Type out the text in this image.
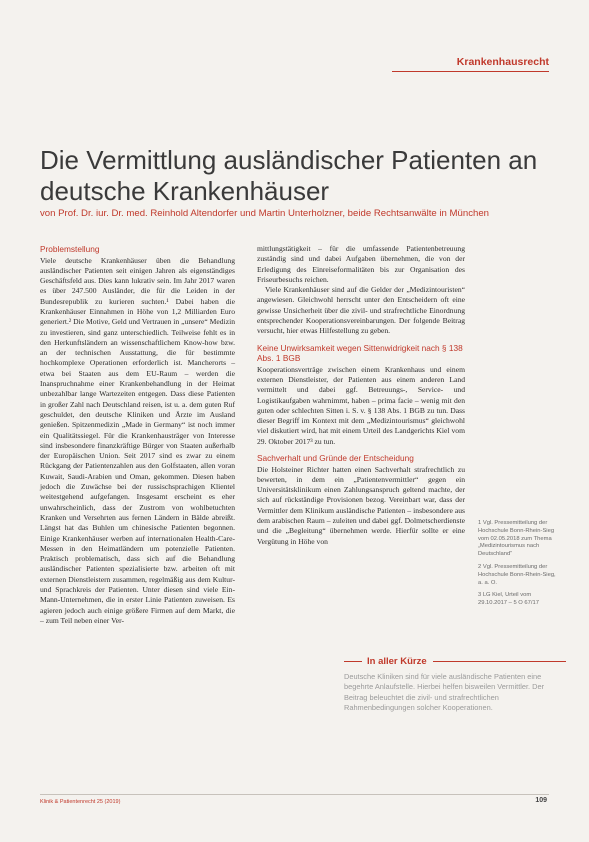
Krankenhausrecht
Die Vermittlung ausländischer Patienten an deutsche Krankenhäuser
von Prof. Dr. iur. Dr. med. Reinhold Altendorfer und Martin Unterholzner, beide Rechtsanwälte in München
Problemstellung

Viele deutsche Krankenhäuser üben die Behandlung ausländischer Patienten seit einigen Jahren als eigenständiges Geschäftsfeld aus. Dies kann lukrativ sein. Im Jahr 2017 waren es über 247.500 Ausländer, die für die Leiden in der Bundesrepublik zu kurieren suchten.¹ Dabei haben die Krankenhäuser Einnahmen in Höhe von 1,2 Milliarden Euro generiert.² Die Motive, Geld und Vertrauen in „unsere“ Medizin zu investieren, sind ganz unterschiedlich. Teilweise fehlt es in den Herkunftsländern an wissenschaftlichem Know-how bzw. an der technischen Ausstattung, die für bestimmte hochkomplexe Operationen erforderlich ist. Mancherorts – etwa bei Staaten aus dem EU-Raum – werden die Inanspruchnahme einer Krankenbehandlung in der Heimat unbezahlbar lange Wartezeiten entgegen. Dass diese Patienten in großer Zahl nach Deutschland reisen, ist u. a. dem guten Ruf geschuldet, den deutsche Kliniken und Ärzte im Ausland genießen. Spitzenmedizin „Made in Germany“ ist noch immer ein Qualitätssiegel. Für die Krankenhausträger von Interesse sind insbesondere finanzkräftige Bürger von Staaten außerhalb der Europäischen Union. Seit 2017 sind es zwar zu einem Rückgang der Patientenzahlen aus den Golfstaaten, allen voran Kuwait, Saudi-Arabien und Oman, gekommen. Diesen haben jedoch die Zuwächse bei der russischsprachigen Klientel weitestgehend aufgefangen. Insgesamt erscheint es eher unwahrscheinlich, dass der Zustrom von wohlbetuchten Kranken und Versehrten aus fernen Ländern in Bälde abreißt. Längst hat das Buhlen um chinesische Patienten begonnen. Einige Krankenhäuser werben auf internationalen Health-Care-Messen in den Heimatländern um potenzielle Patienten. Praktisch problematisch, dass sich auf die Behandlung ausländischer Patienten spezialisierte bzw. arbeiten oft mit externen Dienstleistern zusammen, regelmäßig aus dem Kultur- und Sprachkreis der Patienten. Unter diesen sind viele Ein-Mann-Unternehmen, die in erster Linie Patienten zuweisen. Es agieren jedoch auch einige größere Firmen auf dem Markt, die – zum Teil neben einer Ver-

mittlungstätigkeit – für die umfassende Patientenbetreuung zuständig sind und dabei Aufgaben übernehmen, die von der Erledigung des Einreiseformalitäten bis zur Organisation des Friseurbesuchs reichen.

Viele Krankenhäuser sind auf die Gelder der „Medizintouristen“ angewiesen. Gleichwohl herrscht unter den Entscheidern oft eine gewisse Unsicherheit über die zivil- und strafrechtliche Einordnung entsprechender Kooperationsvereinbarungen. Der folgende Beitrag versucht, hier etwas Hilfestellung zu geben.

Keine Unwirksamkeit wegen Sittenwidrigkeit nach § 138 Abs. 1 BGB

Kooperationsverträge zwischen einem Krankenhaus und einem externen Dienstleister, der Patienten aus einem anderen Land vermittelt und dabei ggf. Betreuungs-, Service- und Logistikaufgaben wahrnimmt, haben – prima facie – wenig mit den guten oder schlechten Sitten i. S. v. § 138 Abs. 1 BGB zu tun. Dass dieser Begriff im Kontext mit dem „Medizintourismus“ gleichwohl viel diskutiert wird, hat mit einem Urteil des Landgerichts Kiel vom 29. Oktober 2017³ zu tun.

Sachverhalt und Gründe der Entscheidung

Die Holsteiner Richter hatten einen Sachverhalt strafrechtlich zu bewerten, in dem ein „Patientenvermittler“ gegen ein Universitätsklinikum einen Zahlungsanspruch geltend machte, der sich auf rückständige Provisionen bezog. Vereinbart war, dass der Vermittler dem Klinikum ausländische Patienten – insbesondere aus dem arabischen Raum – zuleiten und dabei ggf. Dolmetscherdienste und die „Begleitung“ übernehmen werde. Hierfür sollte er eine Vergütung in Höhe von

1 Vgl. Pressemitteilung der Hochschule Bonn-Rhein-Sieg vom 02.05.2018 zum Thema „Medizintourismus nach Deutschland“

2 Vgl. Pressemitteilung der Hochschule Bonn-Rhein-Sieg, a. a. O.

3 LG Kiel, Urteil vom 29.10.2017 – 5 O 67/17

In aller Kürze
Deutsche Kliniken sind für viele ausländische Patienten eine begehrte Anlaufstelle. Hierbei helfen bisweilen Vermittler. Der Beitrag beleuchtet die zivil- und strafrechtlichen Rahmenbedingungen solcher Kooperationen.
Klinik & Patientenrecht 25 (2019)	109
